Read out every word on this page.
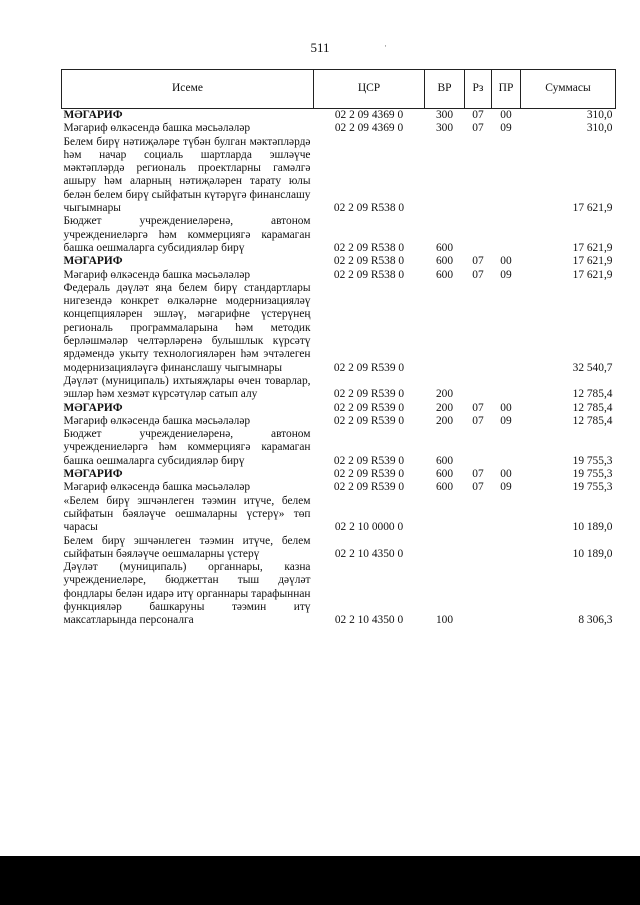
511	·
Исеме	ЦСР	ВР	Рз	ПР	Суммасы
МӘГАРИФ	02 2 09 4369 0	300	07	00	310,0
Мәгариф өлкәсендә башка мәсьәләләр	02 2 09 4369 0	300	07	09	310,0
Белем бирү нәтиҗәләре түбән булган мәктәпләрдә һәм начар социаль шартларда эшләүче мәктәпләрдә региональ проектларны гамәлгә ашыру һәм аларның нәтиҗәләрен тарату юлы белән белем бирү сыйфатын күтәрүгә финанслашу чыгымнары	02 2 09 R538 0				17 621,9
Бюджет учреждениеләренә, автоном учреждениеләргә һәм коммерциягә карамаган башка оешмаларга субсидияләр бирү	02 2 09 R538 0	600			17 621,9
МӘГАРИФ	02 2 09 R538 0	600	07	00	17 621,9
Мәгариф өлкәсендә башка мәсьәләләр	02 2 09 R538 0	600	07	09	17 621,9
Федераль дәүләт яңа белем бирү стандартлары нигезендә конкрет өлкәләрне модернизацияләү концепцияләрен эшләү, мәгарифне үстерүнең региональ программаларына һәм методик берләшмәләр челтәрләренә булышлык күрсәтү ярдәмендә укыту технологияләрен һәм эчтәлеген модернизацияләүгә финанслашу чыгымнары	02 2 09 R539 0				32 540,7
Дәүләт (муниципаль) ихтыяҗлары өчен товарлар, эшләр һәм хезмәт күрсәтүләр сатып алу	02 2 09 R539 0	200			12 785,4
МӘГАРИФ	02 2 09 R539 0	200	07	00	12 785,4
Мәгариф өлкәсендә башка мәсьәләләр	02 2 09 R539 0	200	07	09	12 785,4
Бюджет учреждениеләренә, автоном учреждениеләргә һәм коммерциягә карамаган башка оешмаларга субсидияләр бирү	02 2 09 R539 0	600			19 755,3
МӘГАРИФ	02 2 09 R539 0	600	07	00	19 755,3
Мәгариф өлкәсендә башка мәсьәләләр	02 2 09 R539 0	600	07	09	19 755,3
«Белем бирү эшчәнлеген тәэмин итүче, белем сыйфатын бәяләүче оешмаларны үстерү» төп чарасы	02 2 10 0000 0				10 189,0
Белем бирү эшчәнлеген тәэмин итүче, белем сыйфатын бәяләүче оешмаларны үстерү	02 2 10 4350 0				10 189,0
Дәүләт (муниципаль) органнары, казна учреждениеләре, бюджеттан тыш дәүләт фондлары белән идарә итү органнары тарафыннан функцияләр башкаруны тәэмин итү максатларында персоналга	02 2 10 4350 0	100			8 306,3
